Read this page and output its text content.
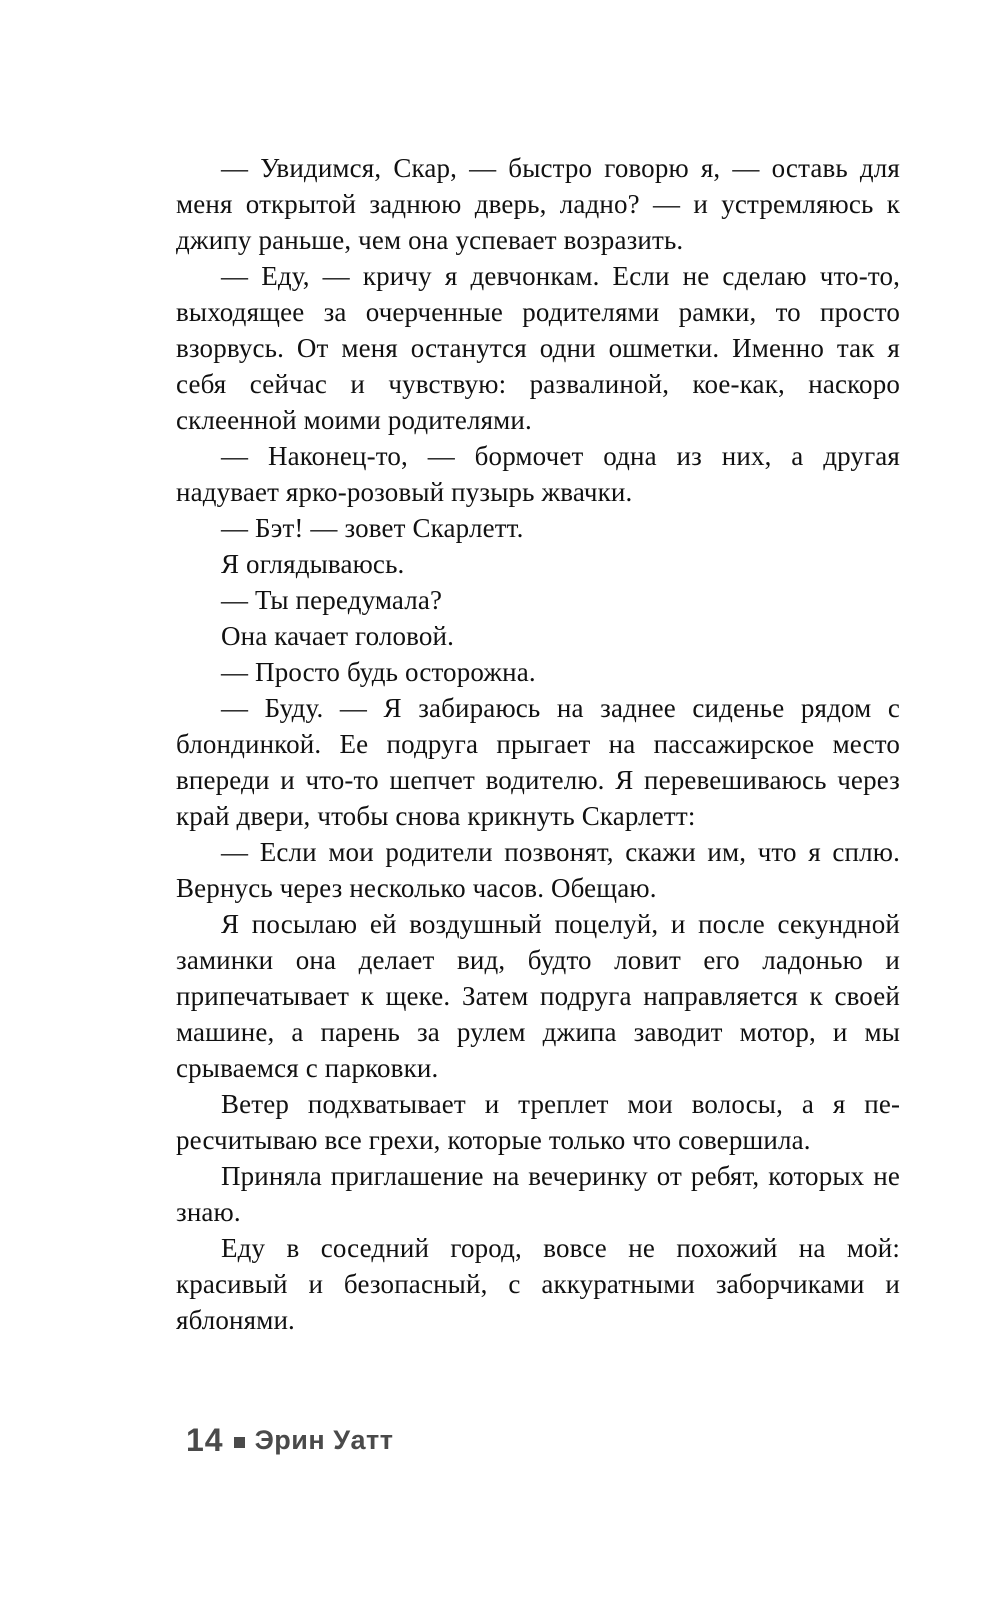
— Увидимся, Скар, — быстро говорю я, — оставь для меня открытой заднюю дверь, ладно? — и устремляюсь к джипу раньше, чем она успевает возразить.

— Еду, — кричу я девчонкам. Если не сделаю что-то, выходящее за очерченные родителями рамки, то просто взорвусь. От меня останутся одни ошметки. Именно так я себя сейчас и чувствую: развалиной, кое-как, наскоро склеенной моими родителями.

— Наконец-то, — бормочет одна из них, а другая надувает ярко-розовый пузырь жвачки.

— Бэт! — зовет Скарлетт.

Я оглядываюсь.

— Ты передумала?

Она качает головой.

— Просто будь осторожна.

— Буду. — Я забираюсь на заднее сиденье рядом с блондинкой. Ее подруга прыгает на пассажирское место впереди и что-то шепчет водителю. Я перевешиваюсь через край двери, чтобы снова крикнуть Скарлетт:

— Если мои родители позвонят, скажи им, что я сплю. Вернусь через несколько часов. Обещаю.

Я посылаю ей воздушный поцелуй, и после секундной заминки она делает вид, будто ловит его ладонью и припечатывает к щеке. Затем подруга направляется к своей машине, а парень за рулем джипа заводит мотор, и мы срываемся с парковки.

Ветер подхватывает и треплет мои волосы, а я пересчитываю все грехи, которые только что совершила.

Приняла приглашение на вечеринку от ребят, которых не знаю.

Еду в соседний город, вовсе не похожий на мой: красивый и безопасный, с аккуратными заборчиками и яблонями.

14 Эрин Уатт
